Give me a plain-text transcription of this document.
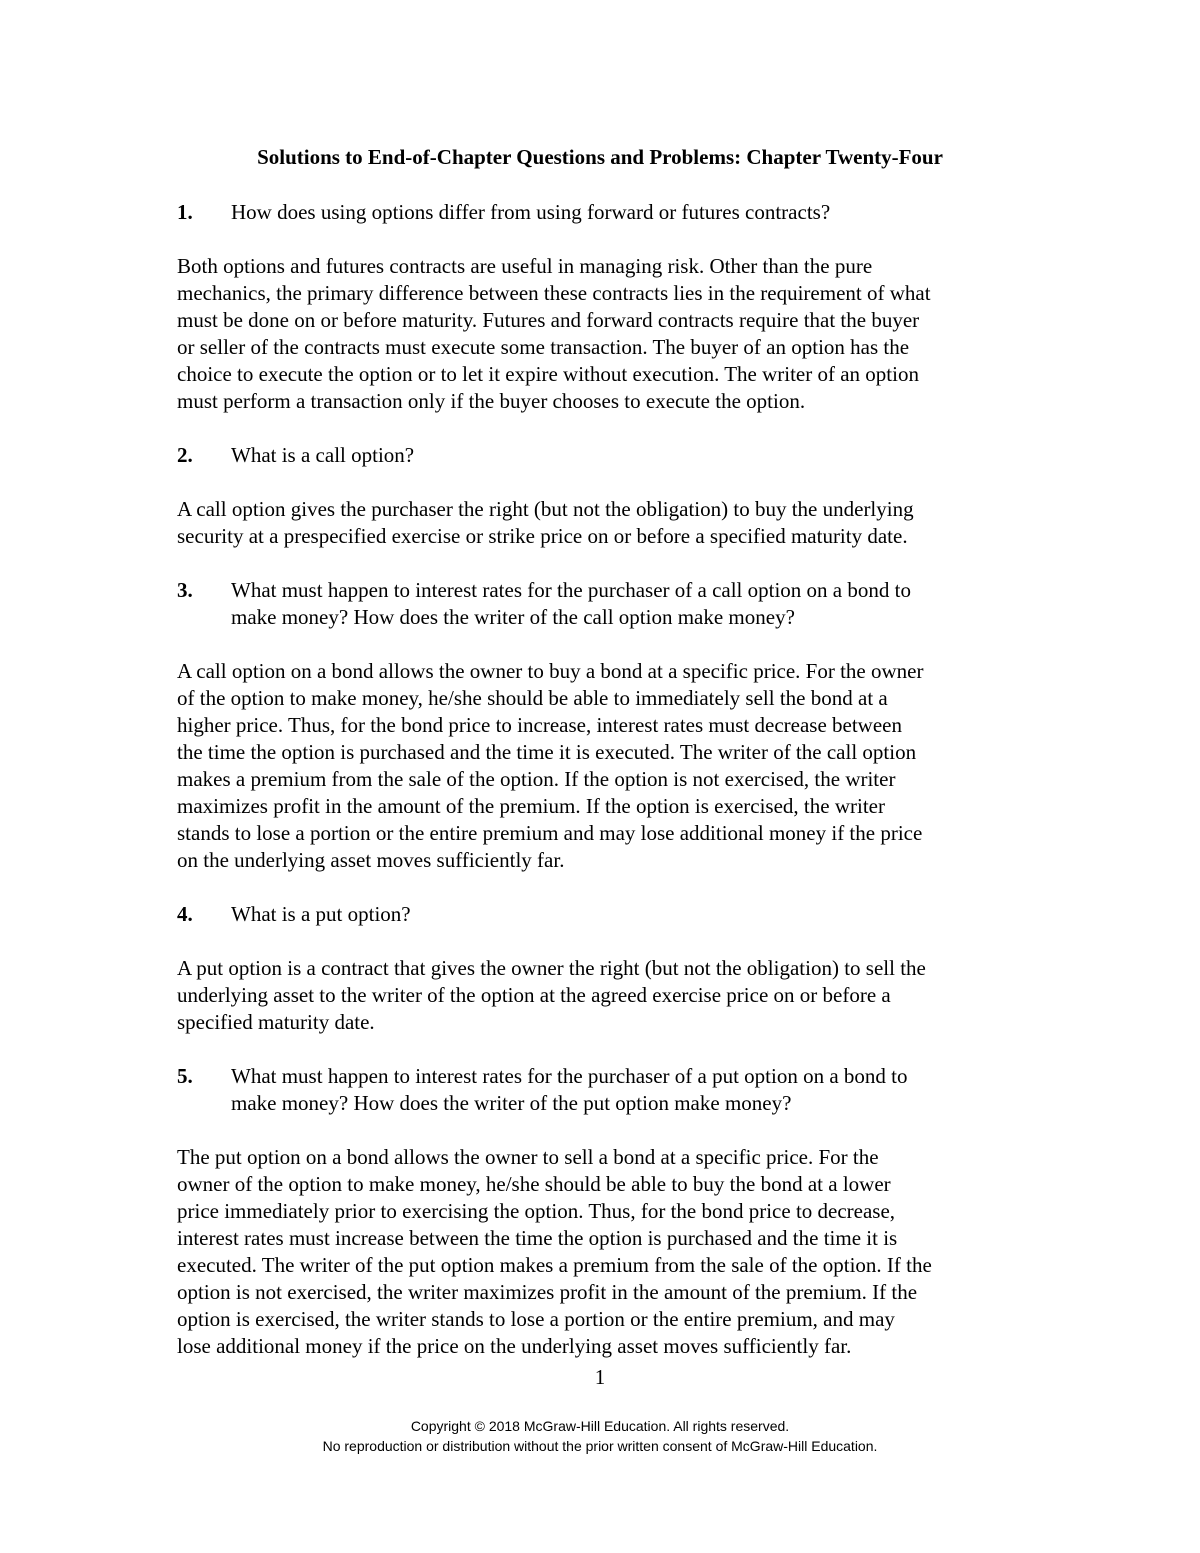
Solutions to End-of-Chapter Questions and Problems: Chapter Twenty-Four
1. How does using options differ from using forward or futures contracts?

Both options and futures contracts are useful in managing risk. Other than the pure

mechanics, the primary difference between these contracts lies in the requirement of what

must be done on or before maturity. Futures and forward contracts require that the buyer

or seller of the contracts must execute some transaction. The buyer of an option has the

choice to execute the option or to let it expire without execution. The writer of an option

must perform a transaction only if the buyer chooses to execute the option.

2. What is a call option?

A call option gives the purchaser the right (but not the obligation) to buy the underlying

security at a prespecified exercise or strike price on or before a specified maturity date.

3. What must happen to interest rates for the purchaser of a call option on a bond to
make money? How does the writer of the call option make money?

A call option on a bond allows the owner to buy a bond at a specific price. For the owner

of the option to make money, he/she should be able to immediately sell the bond at a

higher price. Thus, for the bond price to increase, interest rates must decrease between

the time the option is purchased and the time it is executed. The writer of the call option

makes a premium from the sale of the option. If the option is not exercised, the writer

maximizes profit in the amount of the premium. If the option is exercised, the writer

stands to lose a portion or the entire premium and may lose additional money if the price

on the underlying asset moves sufficiently far.

4. What is a put option?

A put option is a contract that gives the owner the right (but not the obligation) to sell the

underlying asset to the writer of the option at the agreed exercise price on or before a

specified maturity date.

5. What must happen to interest rates for the purchaser of a put option on a bond to
make money? How does the writer of the put option make money?

The put option on a bond allows the owner to sell a bond at a specific price. For the

owner of the option to make money, he/she should be able to buy the bond at a lower

price immediately prior to exercising the option. Thus, for the bond price to decrease,

interest rates must increase between the time the option is purchased and the time it is

executed. The writer of the put option makes a premium from the sale of the option. If the

option is not exercised, the writer maximizes profit in the amount of the premium. If the

option is exercised, the writer stands to lose a portion or the entire premium, and may

lose additional money if the price on the underlying asset moves sufficiently far.

1
Copyright © 2018 McGraw-Hill Education. All rights reserved.
No reproduction or distribution without the prior written consent of McGraw-Hill Education.
